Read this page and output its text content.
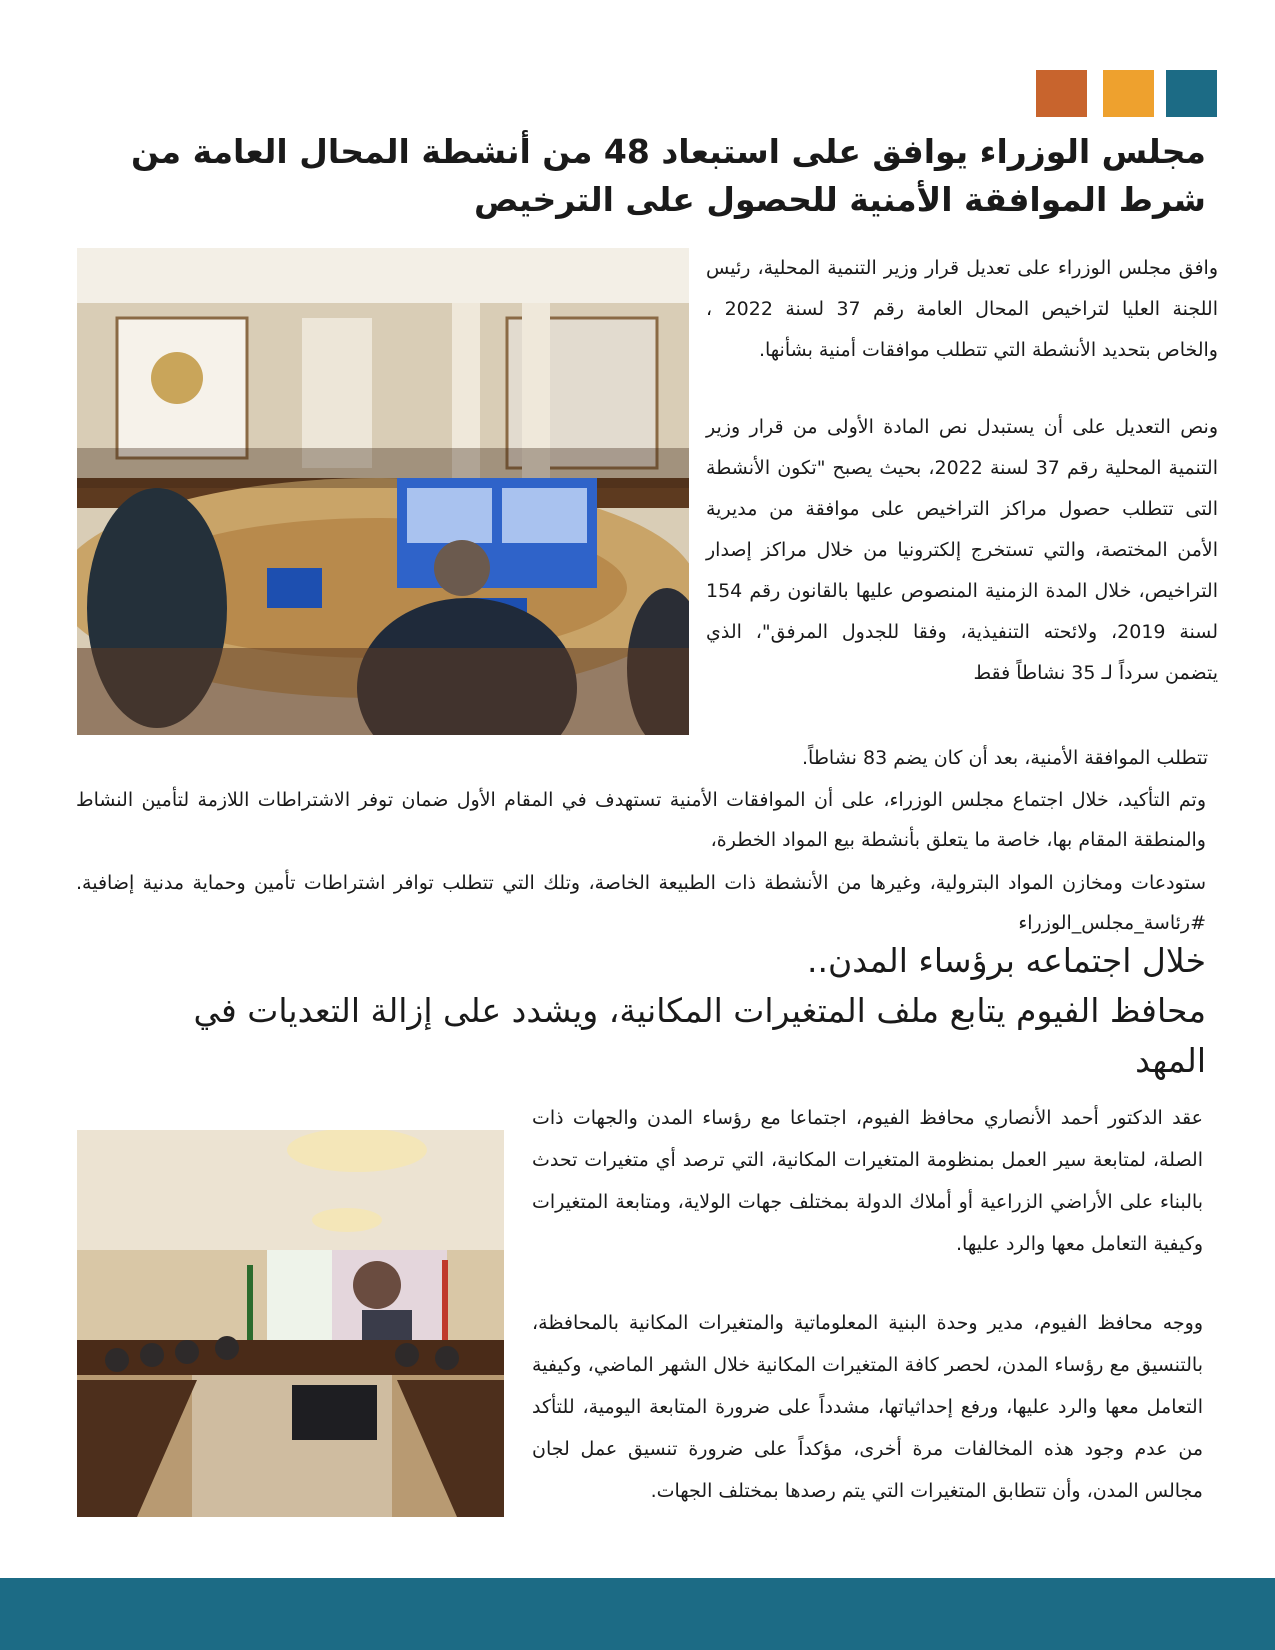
مجلس الوزراء يوافق على استبعاد 48 من أنشطة المحال العامة من شرط الموافقة الأمنية للحصول على الترخيص

وافق مجلس الوزراء على تعديل قرار وزير التنمية المحلية، رئيس اللجنة العليا لتراخيص المحال العامة رقم 37 لسنة 2022 ، والخاص بتحديد الأنشطة التي تتطلب موافقات أمنية بشأنها.

ونص التعديل على أن يستبدل نص المادة الأولى من قرار وزير التنمية المحلية رقم 37 لسنة 2022، بحيث يصبح "تكون الأنشطة التى تتطلب حصول مراكز التراخيص على موافقة من مديرية الأمن المختصة، والتي تستخرج إلكترونيا من خلال مراكز إصدار التراخيص، خلال المدة الزمنية المنصوص عليها بالقانون رقم 154 لسنة 2019، ولائحته التنفيذية، وفقا للجدول المرفق"، الذي يتضمن سرداً لـ 35 نشاطاً فقط

تتطلب الموافقة الأمنية، بعد أن كان يضم 83 نشاطاً.

وتم التأكيد، خلال اجتماع مجلس الوزراء، على أن الموافقات الأمنية تستهدف في المقام الأول ضمان توفر الاشتراطات اللازمة لتأمين النشاط والمنطقة المقام بها، خاصة ما يتعلق بأنشطة بيع المواد الخطرة،

ستودعات ومخازن المواد البترولية، وغيرها من الأنشطة ذات الطبيعة الخاصة، وتلك التي تتطلب توافر اشتراطات تأمين وحماية مدنية إضافية. #رئاسة_مجلس_الوزراء

خلال اجتماعه برؤساء المدن..
محافظ الفيوم يتابع ملف المتغيرات المكانية، ويشدد على إزالة التعديات في المهد

عقد الدكتور أحمد الأنصاري محافظ الفيوم، اجتماعا مع رؤساء المدن والجهات ذات الصلة، لمتابعة سير العمل بمنظومة المتغيرات المكانية، التي ترصد أي متغيرات تحدث بالبناء على الأراضي الزراعية أو أملاك الدولة بمختلف جهات الولاية، ومتابعة المتغيرات وكيفية التعامل معها والرد عليها.

ووجه محافظ الفيوم، مدير وحدة البنية المعلوماتية والمتغيرات المكانية بالمحافظة، بالتنسيق مع رؤساء المدن، لحصر كافة المتغيرات المكانية خلال الشهر الماضي، وكيفية التعامل معها والرد عليها، ورفع إحداثياتها، مشدداً على ضرورة المتابعة اليومية، للتأكد من عدم وجود هذه المخالفات مرة أخرى، مؤكداً على ضرورة تنسيق عمل لجان مجالس المدن، وأن تتطابق المتغيرات التي يتم رصدها بمختلف الجهات.
